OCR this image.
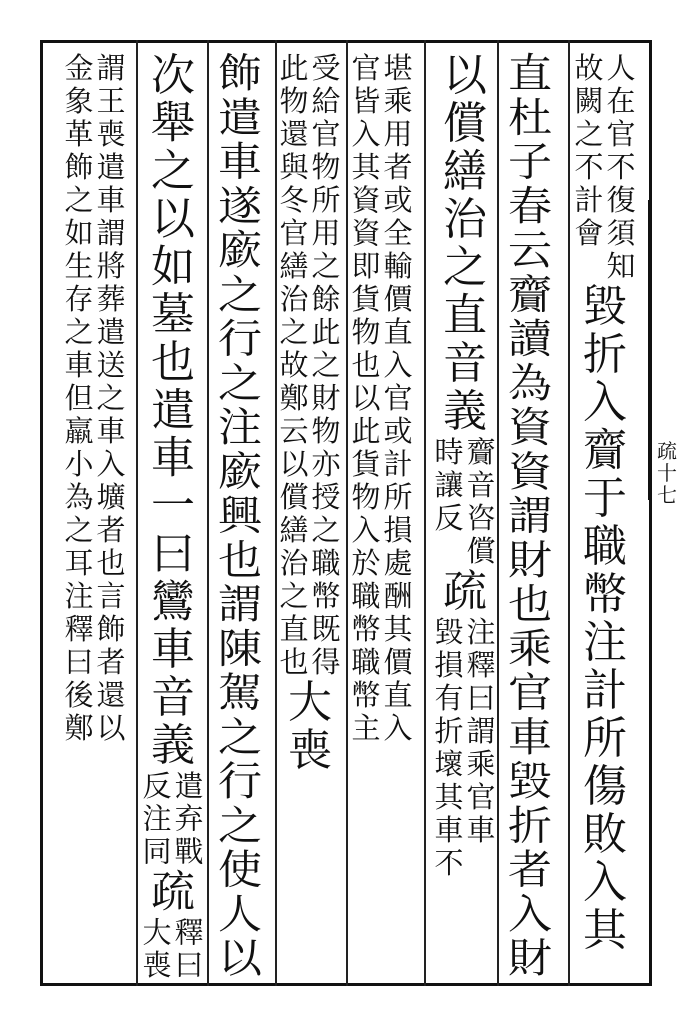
疏十七
人
在
官
不
復
須
知
故
闕
之
不
計
會
毀
折
入
齎
于
職
幣
注
計
所
傷
敗
入
其
直
杜
子
春
云
齎
讀
為
資
資
謂
財
也
乘
官
車
毀
折
者
入
財
以
償
繕
治
之
直
音
義
齎
音
咨
償
時
讓
反
疏
注
釋
曰
謂
乘
官
車
毀
損
有
折
壞
其
車
不
堪
乘
用
者
或
全
輸
價
直
入
官
或
計
所
損
處
酬
其
價
直
入
官
皆
入
其
資
資
即
貨
物
也
以
此
貨
物
入
於
職
幣
職
幣
主
受
給
官
物
所
用
之
餘
此
之
財
物
亦
授
之
職
幣
既
得
此
物
還
與
冬
官
繕
治
之
故
鄭
云
以
償
繕
治
之
直
也
大
喪
飾
遣
車
遂
廞
之
行
之
注
廞
興
也
謂
陳
駕
之
行
之
使
人
以
次
舉
之
以
如
墓
也
遣
車
一
曰
鸞
車
音
義
遣
弃
戰
反
注
同
疏
釋
曰
大
喪
謂
王
喪
遣
車
謂
將
葬
遣
送
之
車
入
壙
者
也
言
飾
者
還
以
金
象
革
飾
之
如
生
存
之
車
但
羸
小
為
之
耳
注
釋
曰
後
鄭
